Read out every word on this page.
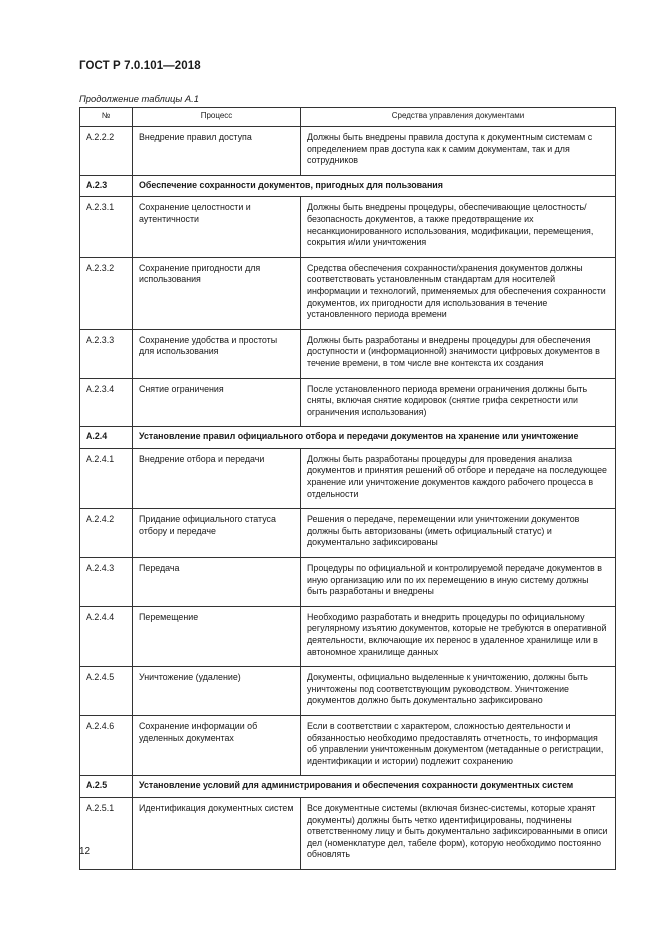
ГОСТ Р 7.0.101—2018
Продолжение таблицы А.1
№	Процесс	Средства управления документами
А.2.2.2	Внедрение правил доступа	Должны быть внедрены правила доступа к документным системам с определением прав доступа как к самим документам, так и для сотрудников
А.2.3	Обеспечение сохранности документов, пригодных для пользования	
А.2.3.1	Сохранение целостности и аутентичности	Должны быть внедрены процедуры, обеспечивающие целостность/безопасность документов, а также предотвращение их несанкционированного использования, модификации, перемещения, сокрытия и/или уничтожения
А.2.3.2	Сохранение пригодности для использования	Средства обеспечения сохранности/хранения документов должны соответствовать установленным стандартам для носителей информации и технологий, применяемых для обеспечения сохранности документов, их пригодности для использования в течение установленного периода времени
А.2.3.3	Сохранение удобства и простоты для использования	Должны быть разработаны и внедрены процедуры для обеспечения доступности и (информационной) значимости цифровых документов в течение времени, в том числе вне контекста их создания
А.2.3.4	Снятие ограничения	После установленного периода времени ограничения должны быть сняты, включая снятие кодировок (снятие грифа секретности или ограничения использования)
А.2.4	Установление правил официального отбора и передачи документов на хранение или уничтожение	
А.2.4.1	Внедрение отбора и передачи	Должны быть разработаны процедуры для проведения анализа документов и принятия решений об отборе и передаче на последующее хранение или уничтожение документов каждого рабочего процесса в отдельности
А.2.4.2	Придание официального статуса отбору и передаче	Решения о передаче, перемещении или уничтожении документов должны быть авторизованы (иметь официальный статус) и документально зафиксированы
А.2.4.3	Передача	Процедуры по официальной и контролируемой передаче документов в иную организацию или по их перемещению в иную систему должны быть разработаны и внедрены
А.2.4.4	Перемещение	Необходимо разработать и внедрить процедуры по официальному регулярному изъятию документов, которые не требуются в оперативной деятельности, включающие их перенос в удаленное хранилище или в автономное хранилище данных
А.2.4.5	Уничтожение (удаление)	Документы, официально выделенные к уничтожению, должны быть уничтожены под соответствующим руководством. Уничтожение документов должно быть документально зафиксировано
А.2.4.6	Сохранение информации об уделенных документах	Если в соответствии с характером, сложностью деятельности и обязанностью необходимо предоставлять отчетность, то информация об управлении уничтоженным документом (метаданные о регистрации, идентификации и истории) подлежит сохранению
А.2.5	Установление условий для администрирования и обеспечения сохранности документных систем	
А.2.5.1	Идентификация документных систем	Все документные системы (включая бизнес-системы, которые хранят документы) должны быть четко идентифицированы, подчинены ответственному лицу и быть документально зафиксированными в описи дел (номенклатуре дел, табеле форм), которую необходимо постоянно обновлять
12
